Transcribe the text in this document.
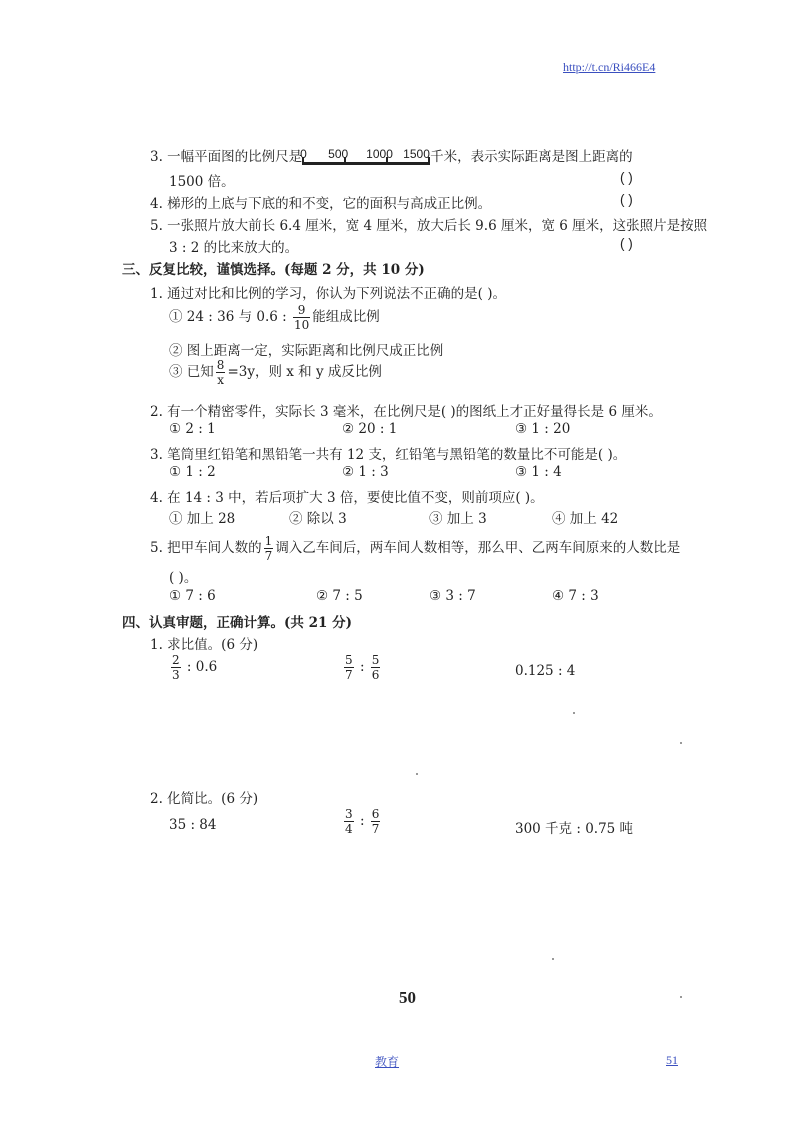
http://t.cn/Ri466E4
3. 一幅平面图的比例尺是
0 500 1000 1500 千米，表示实际距离是图上距离的
1500 倍。	( )
4. 梯形的上底与下底的和不变，它的面积与高成正比例。	( )
5. 一张照片放大前长 6.4 厘米，宽 4 厘米，放大后长 9.6 厘米，宽 6 厘米，这张照片是按照
3 : 2 的比来放大的。	( )
三、反复比较，谨慎选择。(每题 2 分，共 10 分)
1. 通过对比和比例的学习，你认为下列说法不正确的是( )。
① 24 : 36 与 0.6 : $\frac{9}{10}$ 能组成比例
② 图上距离一定，实际距离和比例尺成正比例
③ 已知 $\frac{8}{x} =3y$，则 x 和 y 成反比例
2. 有一个精密零件，实际长 3 毫米，在比例尺是( )的图纸上才正好量得长是 6 厘米。
① 2 : 1	② 20 : 1	③ 1 : 20
3. 笔筒里红铅笔和黑铅笔一共有 12 支，红铅笔与黑铅笔的数量比不可能是( )。
① 1 : 2	② 1 : 3	③ 1 : 4
4. 在 14 : 3 中，若后项扩大 3 倍，要使比值不变，则前项应( )。
① 加上 28	② 除以 3	③ 加上 3	④ 加上 42
5. 把甲车间人数的 $\frac{1}{7}$ 调入乙车间后，两车间人数相等，那么甲、乙两车间原来的人数比是
( )。
① 7 : 6	② 7 : 5	③ 3 : 7	④ 7 : 3
四、认真审题，正确计算。(共 21 分)
1. 求比值。(6 分)
$\frac{2}{3}$ : 0.6	$\frac{5}{7}$ : $\frac{5}{6}$	0.125 : 4
2. 化简比。(6 分)
35 : 84	$\frac{3}{4}$ : $\frac{6}{7}$	300 千克 : 0.75 吨
50
教育	51
